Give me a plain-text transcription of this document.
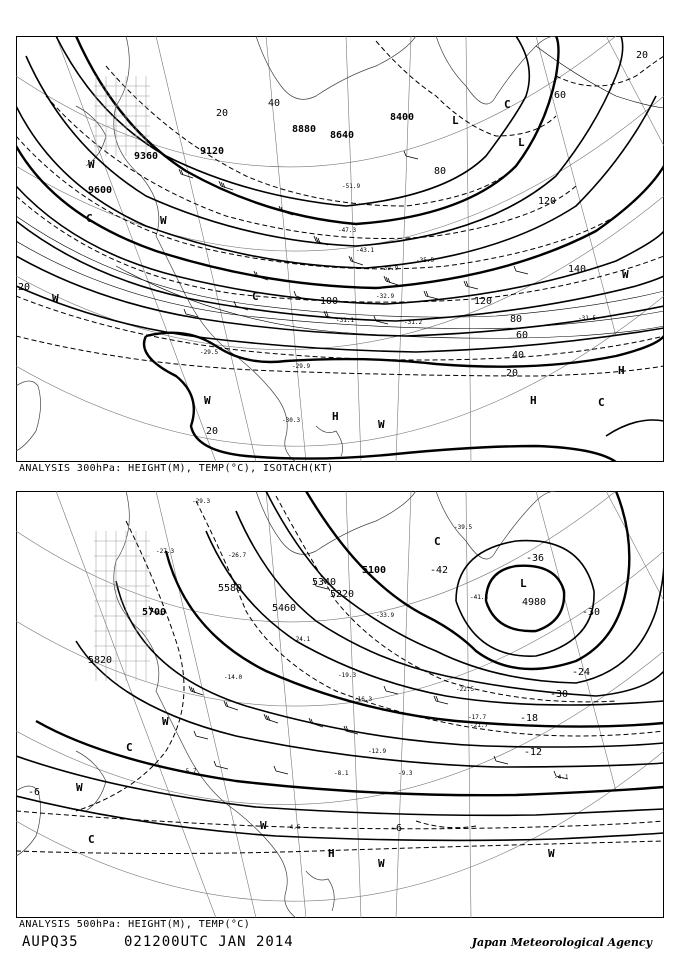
8400
8640
8880
9120
9360
9600
20
40
60
80
100
120
140
20
40
60
80
120
20
20
20
W
W
C
W	C
L
L
C
W
H
H
H
C
W
W
-31.2
-51.9
-47.3
-43.1
-39.9
-35.5
-32.9
-29.9
-31.1	-31.5
-29.5
-30.3
ANALYSIS 300hPa: HEIGHT(M), TEMP(°C), ISOTACH(KT)
4980
5100
5220
5340
5460
5580
5700
5820
-42
-36
-30
-24
-18
-12
-6
-30
-6
C
L
C
W
C
W
W
H
W
W
-29.3
-27.3
-26.7
-24.1
-19.3
-16.3
-14.0
-12.9
-9.3
-8.1
-5.7
-4.5
-4.1
-33.9
-39.5
-41.5
-21.7
-17.7
-22.5
ANALYSIS 500hPa: HEIGHT(M), TEMP(°C)
AUPQ35	021200UTC JAN 2014	Japan Meteorological Agency
